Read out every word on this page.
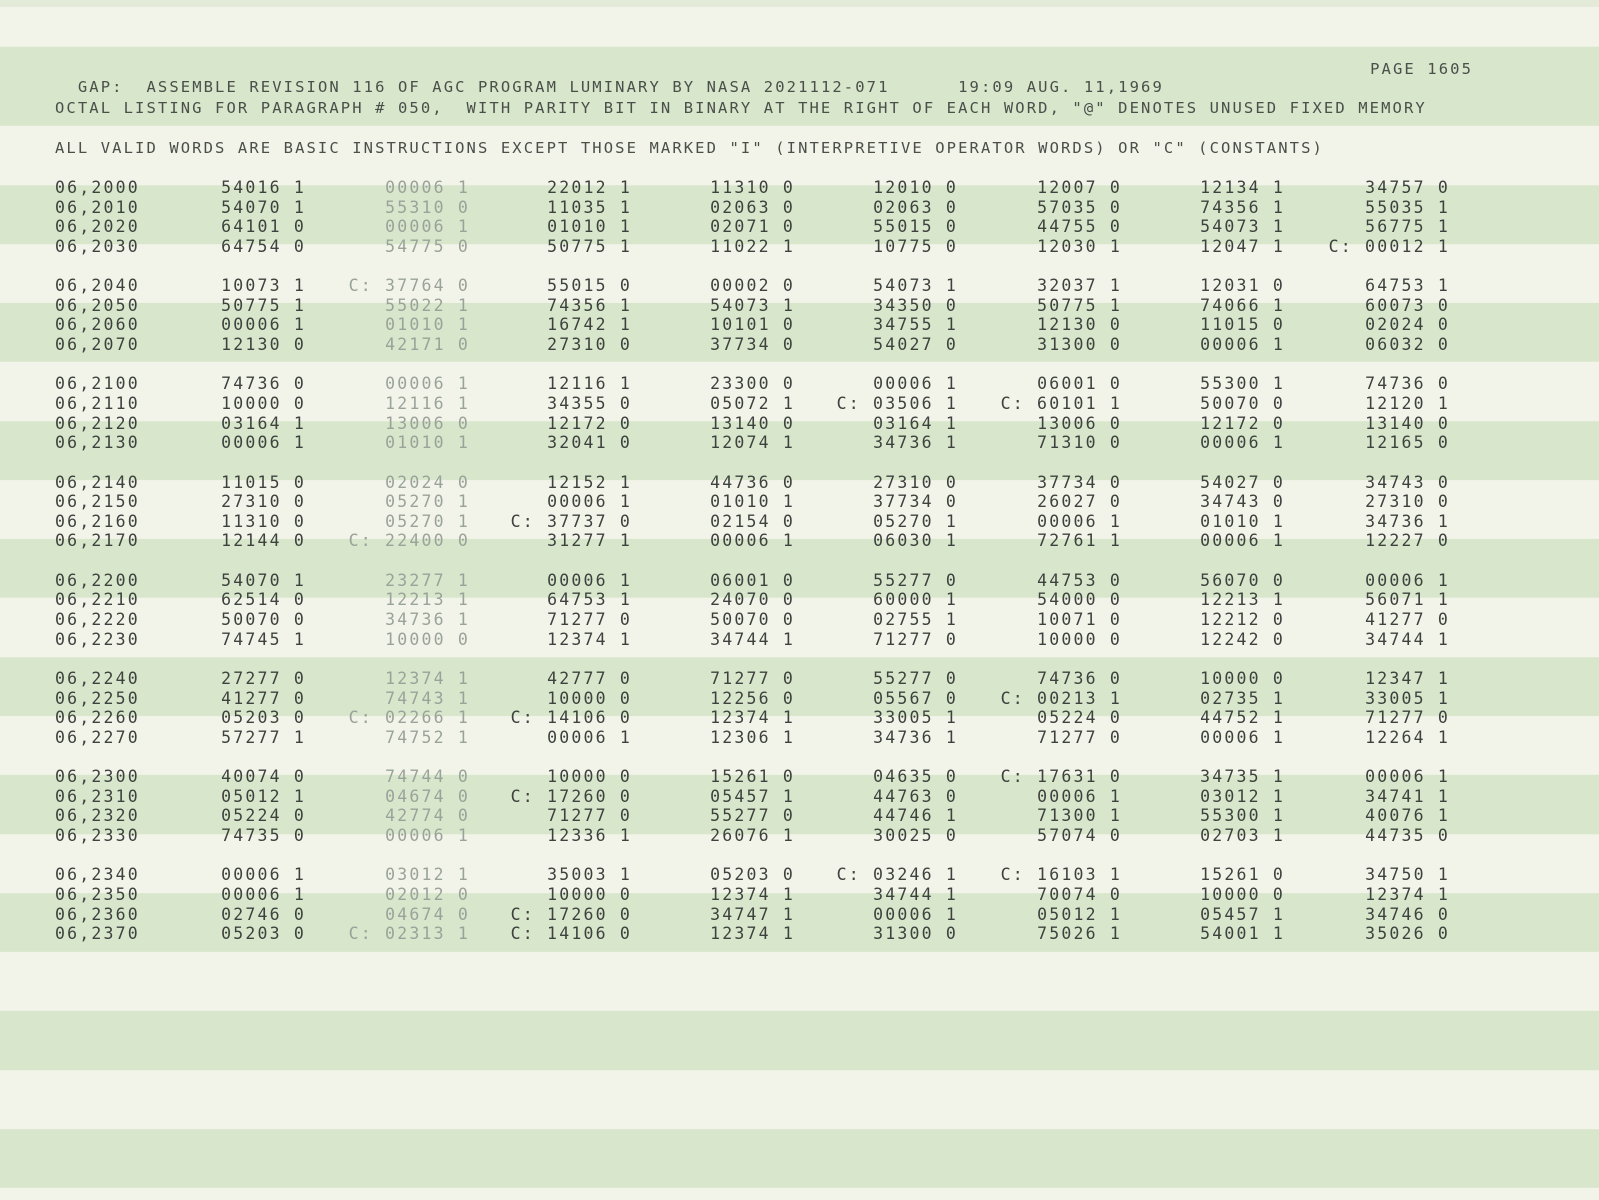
GAP:  ASSEMBLE REVISION 116 OF AGC PROGRAM LUMINARY BY NASA 2021112-071      19:09 AUG. 11,1969

PAGE 1605

OCTAL LISTING FOR PARAGRAPH # 050,  WITH PARITY BIT IN BINARY AT THE RIGHT OF EACH WORD, "@" DENOTES UNUSED FIXED MEMORY
ALL VALID WORDS ARE BASIC INSTRUCTIONS EXCEPT THOSE MARKED "I" (INTERPRETIVE OPERATOR WORDS) OR "C" (CONSTANTS)
06,2000	54016 1	00006 1	22012 1	11310 0	12010 0	12007 0	12134 1	34757 0
06,2010	54070 1	55310 0	11035 1	02063 0	02063 0	57035 0	74356 1	55035 1
06,2020	64101 0	00006 1	01010 1	02071 0	55015 0	44755 0	54073 1	56775 1
06,2030	64754 0	54775 0	50775 1	11022 1	10775 0	12030 1	12047 1	C: 00012 1
06,2040	10073 1	C: 37764 0	55015 0	00002 0	54073 1	32037 1	12031 0	64753 1
06,2050	50775 1	55022 1	74356 1	54073 1	34350 0	50775 1	74066 1	60073 0
06,2060	00006 1	01010 1	16742 1	10101 0	34755 1	12130 0	11015 0	02024 0
06,2070	12130 0	42171 0	27310 0	37734 0	54027 0	31300 0	00006 1	06032 0
06,2100	74736 0	00006 1	12116 1	23300 0	00006 1	06001 0	55300 1	74736 0
06,2110	10000 0	12116 1	34355 0	05072 1	C: 03506 1	C: 60101 1	50070 0	12120 1
06,2120	03164 1	13006 0	12172 0	13140 0	03164 1	13006 0	12172 0	13140 0
06,2130	00006 1	01010 1	32041 0	12074 1	34736 1	71310 0	00006 1	12165 0
06,2140	11015 0	02024 0	12152 1	44736 0	27310 0	37734 0	54027 0	34743 0
06,2150	27310 0	05270 1	00006 1	01010 1	37734 0	26027 0	34743 0	27310 0
06,2160	11310 0	05270 1	C: 37737 0	02154 0	05270 1	00006 1	01010 1	34736 1
06,2170	12144 0	C: 22400 0	31277 1	00006 1	06030 1	72761 1	00006 1	12227 0
06,2200	54070 1	23277 1	00006 1	06001 0	55277 0	44753 0	56070 0	00006 1
06,2210	62514 0	12213 1	64753 1	24070 0	60000 1	54000 0	12213 1	56071 1
06,2220	50070 0	34736 1	71277 0	50070 0	02755 1	10071 0	12212 0	41277 0
06,2230	74745 1	10000 0	12374 1	34744 1	71277 0	10000 0	12242 0	34744 1
06,2240	27277 0	12374 1	42777 0	71277 0	55277 0	74736 0	10000 0	12347 1
06,2250	41277 0	74743 1	10000 0	12256 0	05567 0	C: 00213 1	02735 1	33005 1
06,2260	05203 0	C: 02266 1	C: 14106 0	12374 1	33005 1	05224 0	44752 1	71277 0
06,2270	57277 1	74752 1	00006 1	12306 1	34736 1	71277 0	00006 1	12264 1
06,2300	40074 0	74744 0	10000 0	15261 0	04635 0	C: 17631 0	34735 1	00006 1
06,2310	05012 1	04674 0	C: 17260 0	05457 1	44763 0	00006 1	03012 1	34741 1
06,2320	05224 0	42774 0	71277 0	55277 0	44746 1	71300 1	55300 1	40076 1
06,2330	74735 0	00006 1	12336 1	26076 1	30025 0	57074 0	02703 1	44735 0
06,2340	00006 1	03012 1	35003 1	05203 0	C: 03246 1	C: 16103 1	15261 0	34750 1
06,2350	00006 1	02012 0	10000 0	12374 1	34744 1	70074 0	10000 0	12374 1
06,2360	02746 0	04674 0	C: 17260 0	34747 1	00006 1	05012 1	05457 1	34746 0
06,2370	05203 0	C: 02313 1	C: 14106 0	12374 1	31300 0	75026 1	54001 1	35026 0
